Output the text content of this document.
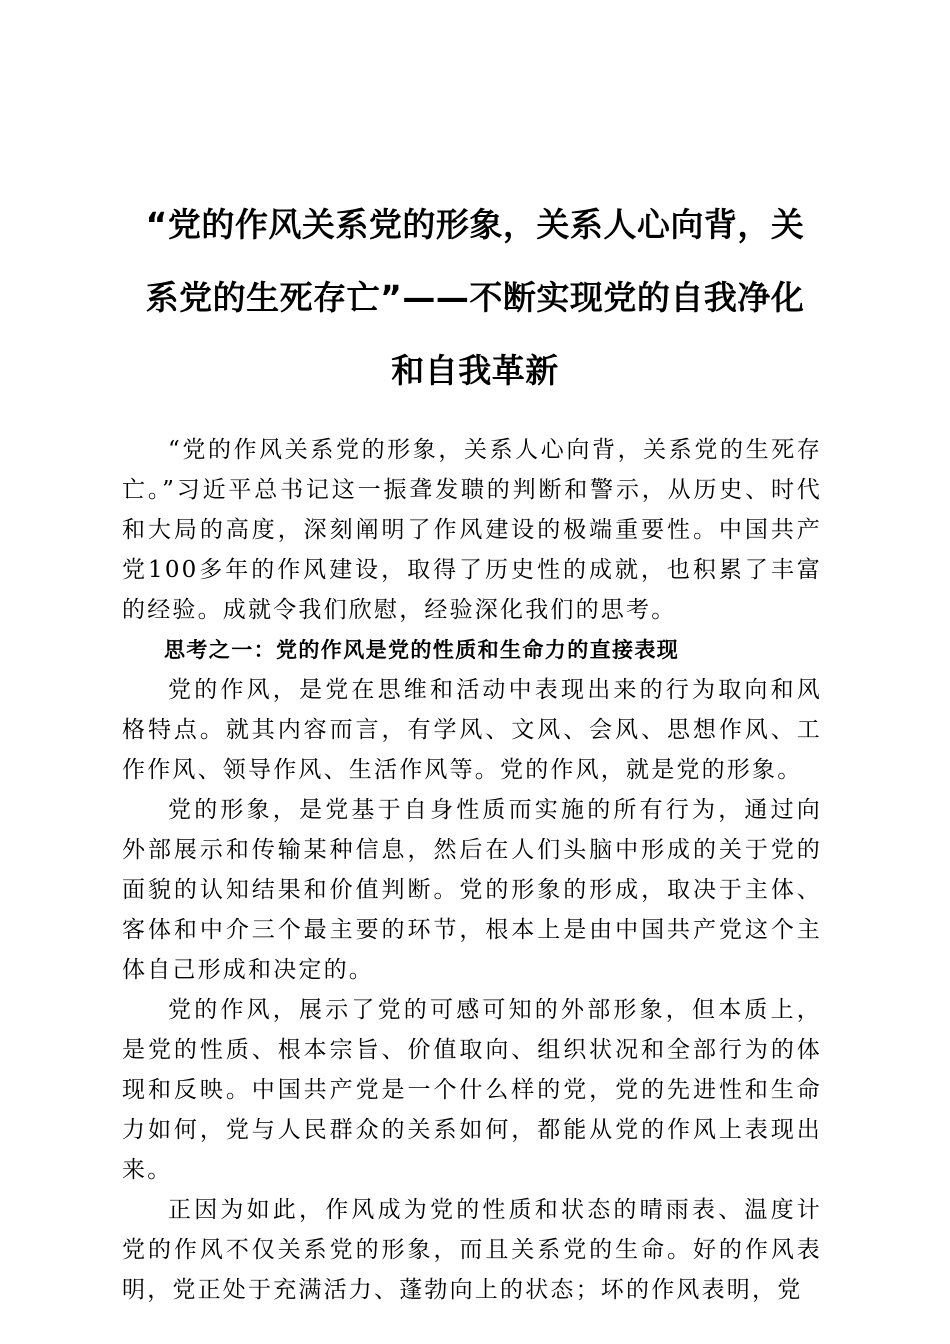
“党的作风关系党的形象，关系人心向背，关
系党的生死存亡”——不断实现党的自我净化
和自我革新

“党的作风关系党的形象，关系人心向背，关系党的生死存亡。”习近平总书记这一振聋发聩的判断和警示，从历史、时代和大局的高度，深刻阐明了作风建设的极端重要性。中国共产党100多年的作风建设，取得了历史性的成就，也积累了丰富的经验。成就令我们欣慰，经验深化我们的思考。

思考之一：党的作风是党的性质和生命力的直接表现

党的作风，是党在思维和活动中表现出来的行为取向和风格特点。就其内容而言，有学风、文风、会风、思想作风、工作作风、领导作风、生活作风等。党的作风，就是党的形象。

党的形象，是党基于自身性质而实施的所有行为，通过向外部展示和传输某种信息，然后在人们头脑中形成的关于党的面貌的认知结果和价值判断。党的形象的形成，取决于主体、客体和中介三个最主要的环节，根本上是由中国共产党这个主体自己形成和决定的。

党的作风，展示了党的可感可知的外部形象，但本质上，是党的性质、根本宗旨、价值取向、组织状况和全部行为的体现和反映。中国共产党是一个什么样的党，党的先进性和生命力如何，党与人民群众的关系如何，都能从党的作风上表现出来。

正因为如此，作风成为党的性质和状态的晴雨表、温度计党的作风不仅关系党的形象，而且关系党的生命。好的作风表明，党正处于充满活力、蓬勃向上的状态；坏的作风表明，党
